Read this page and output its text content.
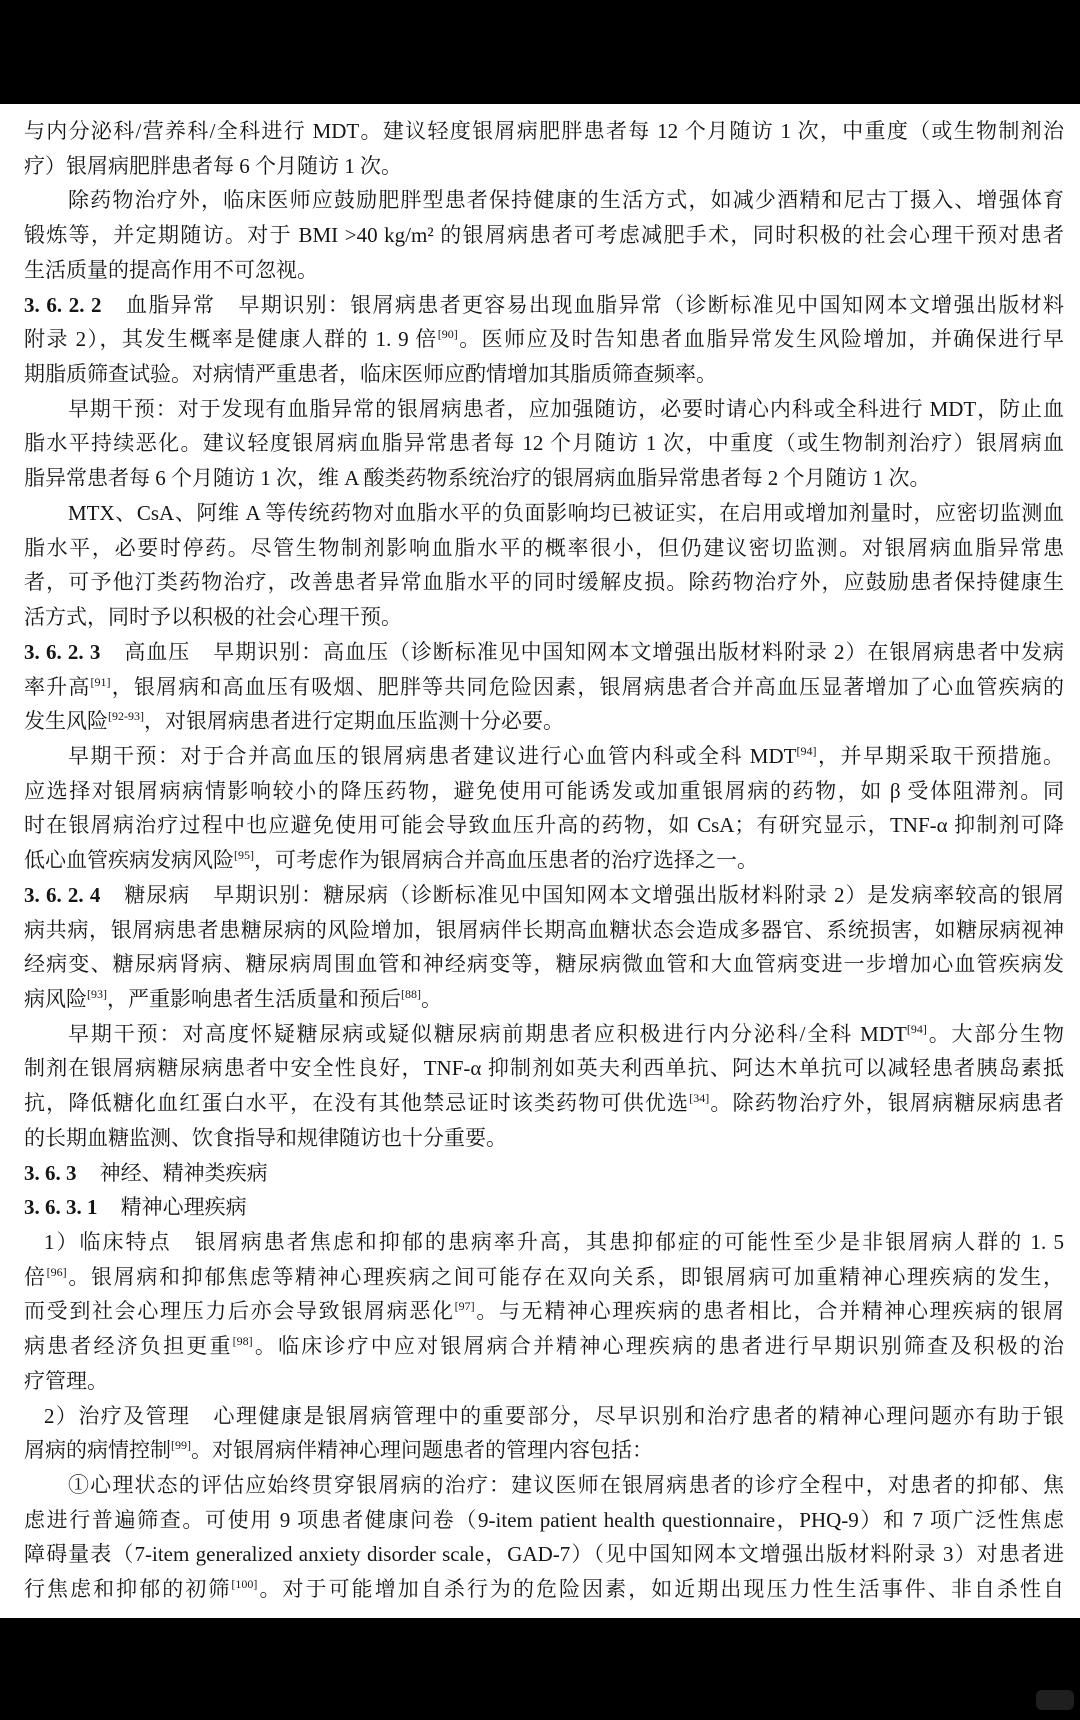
与内分泌科/营养科/全科进行 MDT。建议轻度银屑病肥胖患者每 12 个月随访 1 次，中重度（或生物制剂治
疗）银屑病肥胖患者每 6 个月随访 1 次。
除药物治疗外，临床医师应鼓励肥胖型患者保持健康的生活方式，如减少酒精和尼古丁摄入、增强体育
锻炼等，并定期随访。对于 BMI >40 kg/m² 的银屑病患者可考虑减肥手术，同时积极的社会心理干预对患者
生活质量的提高作用不可忽视。
3. 6. 2. 2 血脂异常 早期识别：银屑病患者更容易出现血脂异常（诊断标准见中国知网本文增强出版材料
附录 2），其发生概率是健康人群的 1. 9 倍[90]。医师应及时告知患者血脂异常发生风险增加，并确保进行早
期脂质筛查试验。对病情严重患者，临床医师应酌情增加其脂质筛查频率。
早期干预：对于发现有血脂异常的银屑病患者，应加强随访，必要时请心内科或全科进行 MDT，防止血
脂水平持续恶化。建议轻度银屑病血脂异常患者每 12 个月随访 1 次，中重度（或生物制剂治疗）银屑病血
脂异常患者每 6 个月随访 1 次，维 A 酸类药物系统治疗的银屑病血脂异常患者每 2 个月随访 1 次。
MTX、CsA、阿维 A 等传统药物对血脂水平的负面影响均已被证实，在启用或增加剂量时，应密切监测血
脂水平，必要时停药。尽管生物制剂影响血脂水平的概率很小，但仍建议密切监测。对银屑病血脂异常患
者，可予他汀类药物治疗，改善患者异常血脂水平的同时缓解皮损。除药物治疗外，应鼓励患者保持健康生
活方式，同时予以积极的社会心理干预。
3. 6. 2. 3 高血压 早期识别：高血压（诊断标准见中国知网本文增强出版材料附录 2）在银屑病患者中发病
率升高[91]，银屑病和高血压有吸烟、肥胖等共同危险因素，银屑病患者合并高血压显著增加了心血管疾病的
发生风险[92-93]，对银屑病患者进行定期血压监测十分必要。
早期干预：对于合并高血压的银屑病患者建议进行心血管内科或全科 MDT[94]，并早期采取干预措施。
应选择对银屑病病情影响较小的降压药物，避免使用可能诱发或加重银屑病的药物，如 β 受体阻滞剂。同
时在银屑病治疗过程中也应避免使用可能会导致血压升高的药物，如 CsA；有研究显示，TNF-α 抑制剂可降
低心血管疾病发病风险[95]，可考虑作为银屑病合并高血压患者的治疗选择之一。
3. 6. 2. 4 糖尿病 早期识别：糖尿病（诊断标准见中国知网本文增强出版材料附录 2）是发病率较高的银屑
病共病，银屑病患者患糖尿病的风险增加，银屑病伴长期高血糖状态会造成多器官、系统损害，如糖尿病视神
经病变、糖尿病肾病、糖尿病周围血管和神经病变等，糖尿病微血管和大血管病变进一步增加心血管疾病发
病风险[93]，严重影响患者生活质量和预后[88]。
早期干预：对高度怀疑糖尿病或疑似糖尿病前期患者应积极进行内分泌科/全科 MDT[94]。大部分生物
制剂在银屑病糖尿病患者中安全性良好，TNF-α 抑制剂如英夫利西单抗、阿达木单抗可以减轻患者胰岛素抵
抗，降低糖化血红蛋白水平，在没有其他禁忌证时该类药物可供优选[34]。除药物治疗外，银屑病糖尿病患者
的长期血糖监测、饮食指导和规律随访也十分重要。
3. 6. 3 神经、精神类疾病
3. 6. 3. 1 精神心理疾病
1）临床特点 银屑病患者焦虑和抑郁的患病率升高，其患抑郁症的可能性至少是非银屑病人群的 1. 5
倍[96]。银屑病和抑郁焦虑等精神心理疾病之间可能存在双向关系，即银屑病可加重精神心理疾病的发生，
而受到社会心理压力后亦会导致银屑病恶化[97]。与无精神心理疾病的患者相比，合并精神心理疾病的银屑
病患者经济负担更重[98]。临床诊疗中应对银屑病合并精神心理疾病的患者进行早期识别筛查及积极的治
疗管理。
2）治疗及管理 心理健康是银屑病管理中的重要部分，尽早识别和治疗患者的精神心理问题亦有助于银
屑病的病情控制[99]。对银屑病伴精神心理问题患者的管理内容包括：
①心理状态的评估应始终贯穿银屑病的治疗：建议医师在银屑病患者的诊疗全程中，对患者的抑郁、焦
虑进行普遍筛查。可使用 9 项患者健康问卷（9-item patient health questionnaire，PHQ-9）和 7 项广泛性焦虑
障碍量表（7-item generalized anxiety disorder scale，GAD-7）（见中国知网本文增强出版材料附录 3）对患者进
行焦虑和抑郁的初筛[100]。对于可能增加自杀行为的危险因素，如近期出现压力性生活事件、非自杀性自
